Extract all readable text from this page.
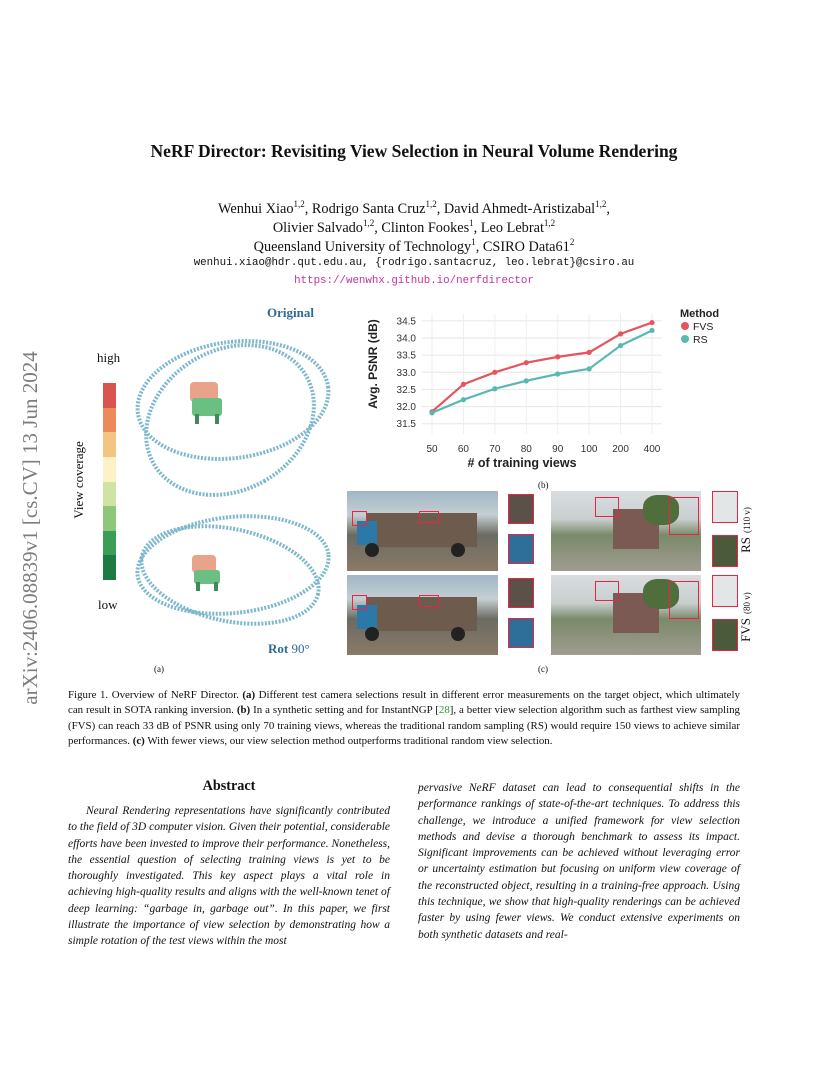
arXiv:2406.08839v1 [cs.CV] 13 Jun 2024
NeRF Director: Revisiting View Selection in Neural Volume Rendering
Wenhui Xiao$^{1,2}$, Rodrigo Santa Cruz$^{1,2}$, David Ahmedt-Aristizabal$^{1,2}$,
Olivier Salvado$^{1,2}$, Clinton Fookes$^1$, Leo Lebrat$^{1,2}$
Queensland University of Technology$^1$, CSIRO $Data61^2$
wenhui.xiao@hdr.qut.edu.au, {rodrigo.santacruz, leo.lebrat}@csiro.au
https://wenwhx.github.io/nerfdirector
Original
high
low
View coverage
Rot 90°
(a)
31.5
32.0
32.5
33.0
33.5
34.0
34.5
50 60 70 80 90 100 200 400
Avg. PSNR (dB)
# of training views
Method
FVS
RS
(b)
RS (110 v)
FVS (80 v)
(c)
Figure 1. Overview of NeRF Director. (a) Different test camera selections result in different error measurements on the target object, which ultimately can result in SOTA ranking inversion. (b) In a synthetic setting and for InstantNGP [28], a better view selection algorithm such as farthest view sampling (FVS) can reach 33 dB of PSNR using only 70 training views, whereas the traditional random sampling (RS) would require 150 views to achieve similar performances. (c) With fewer views, our view selection method outperforms traditional random view selection.
Abstract
Neural Rendering representations have significantly contributed to the field of 3D computer vision. Given their potential, considerable efforts have been invested to improve their performance. Nonetheless, the essential question of selecting training views is yet to be thoroughly investigated. This key aspect plays a vital role in achieving high-quality results and aligns with the well-known tenet of deep learning: “garbage in, garbage out”. In this paper, we first illustrate the importance of view selection by demonstrating how a simple rotation of the test views within the most
pervasive NeRF dataset can lead to consequential shifts in the performance rankings of state-of-the-art techniques. To address this challenge, we introduce a unified framework for view selection methods and devise a thorough benchmark to assess its impact. Significant improvements can be achieved without leveraging error or uncertainty estimation but focusing on uniform view coverage of the reconstructed object, resulting in a training-free approach. Using this technique, we show that high-quality renderings can be achieved faster by using fewer views. We conduct extensive experiments on both synthetic datasets and real-
